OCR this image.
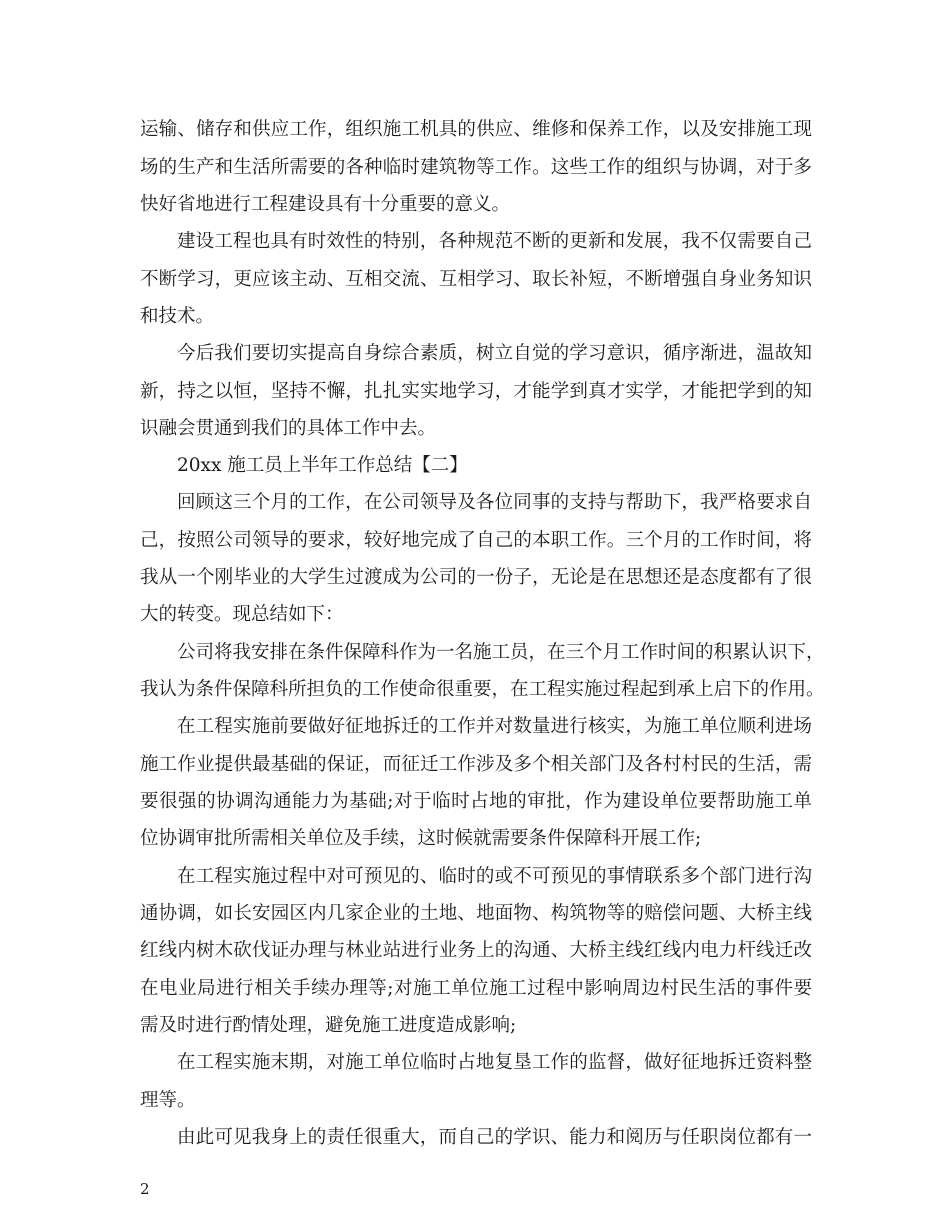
运输、储存和供应工作，组织施工机具的供应、维修和保养工作，以及安排施工现
场的生产和生活所需要的各种临时建筑物等工作。这些工作的组织与协调，对于多
快好省地进行工程建设具有十分重要的意义。
建设工程也具有时效性的特别，各种规范不断的更新和发展，我不仅需要自己
不断学习，更应该主动、互相交流、互相学习、取长补短，不断增强自身业务知识
和技术。
今后我们要切实提高自身综合素质，树立自觉的学习意识，循序渐进，温故知
新，持之以恒，坚持不懈，扎扎实实地学习，才能学到真才实学，才能把学到的知
识融会贯通到我们的具体工作中去。
20xx 施工员上半年工作总结【二】
回顾这三个月的工作，在公司领导及各位同事的支持与帮助下，我严格要求自
己，按照公司领导的要求，较好地完成了自己的本职工作。三个月的工作时间，将
我从一个刚毕业的大学生过渡成为公司的一份子，无论是在思想还是态度都有了很
大的转变。现总结如下：
公司将我安排在条件保障科作为一名施工员，在三个月工作时间的积累认识下，
我认为条件保障科所担负的工作使命很重要，在工程实施过程起到承上启下的作用。
在工程实施前要做好征地拆迁的工作并对数量进行核实，为施工单位顺利进场
施工作业提供最基础的保证，而征迁工作涉及多个相关部门及各村村民的生活，需
要很强的协调沟通能力为基础;对于临时占地的审批，作为建设单位要帮助施工单
位协调审批所需相关单位及手续，这时候就需要条件保障科开展工作;
在工程实施过程中对可预见的、临时的或不可预见的事情联系多个部门进行沟
通协调，如长安园区内几家企业的土地、地面物、构筑物等的赔偿问题、大桥主线
红线内树木砍伐证办理与林业站进行业务上的沟通、大桥主线红线内电力杆线迁改
在电业局进行相关手续办理等;对施工单位施工过程中影响周边村民生活的事件要
需及时进行酌情处理，避免施工进度造成影响;
在工程实施末期，对施工单位临时占地复垦工作的监督，做好征地拆迁资料整
理等。
由此可见我身上的责任很重大，而自己的学识、能力和阅历与任职岗位都有一
2
